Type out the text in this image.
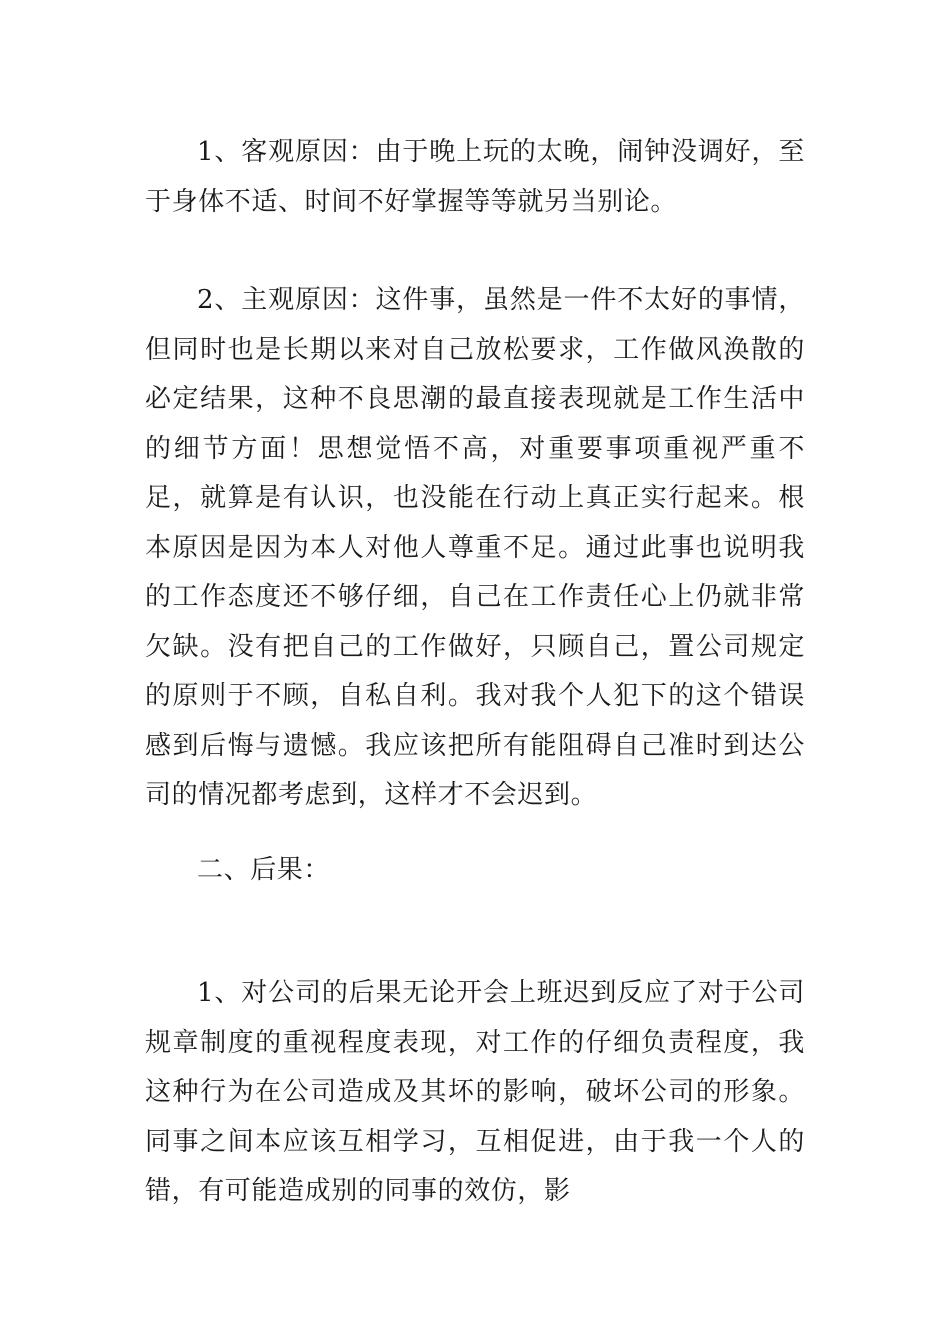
1、客观原因：由于晚上玩的太晚，闹钟没调好，至于身体不适、时间不好掌握等等就另当别论。

2、主观原因：这件事，虽然是一件不太好的事情，但同时也是长期以来对自己放松要求，工作做风涣散的必定结果，这种不良思潮的最直接表现就是工作生活中的细节方面！思想觉悟不高，对重要事项重视严重不足，就算是有认识，也没能在行动上真正实行起来。根本原因是因为本人对他人尊重不足。通过此事也说明我的工作态度还不够仔细，自己在工作责任心上仍就非常欠缺。没有把自己的工作做好，只顾自己，置公司规定的原则于不顾，自私自利。我对我个人犯下的这个错误感到后悔与遗憾。我应该把所有能阻碍自己准时到达公司的情况都考虑到，这样才不会迟到。

二、后果：

1、对公司的后果无论开会上班迟到反应了对于公司规章制度的重视程度表现，对工作的仔细负责程度，我这种行为在公司造成及其坏的影响，破坏公司的形象。同事之间本应该互相学习，互相促进，由于我一个人的错，有可能造成别的同事的效仿，影
